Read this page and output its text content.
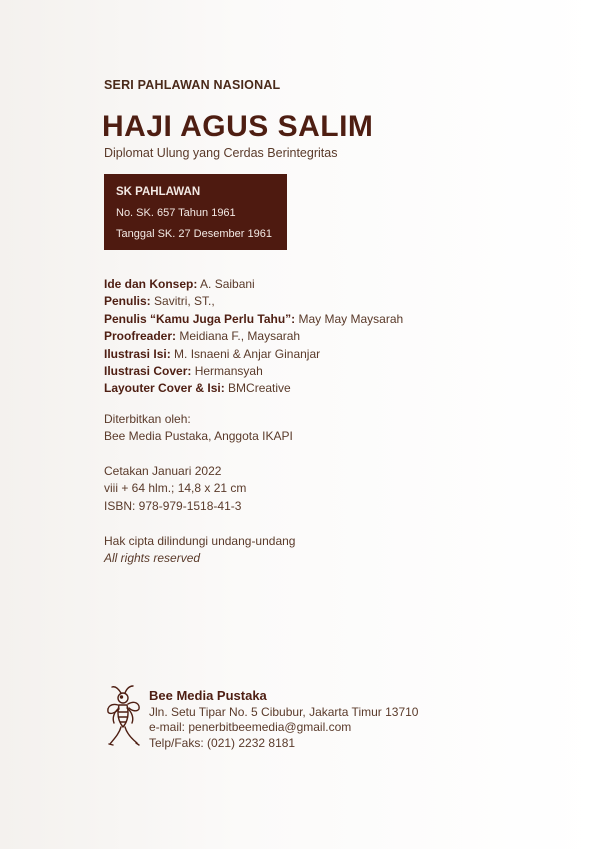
SERI PAHLAWAN NASIONAL
HAJI AGUS SALIM
Diplomat Ulung yang Cerdas Berintegritas
SK PAHLAWAN
No. SK. 657 Tahun 1961
Tanggal SK. 27 Desember 1961
Ide dan Konsep: A. Saibani
Penulis: Savitri, ST.,
Penulis “Kamu Juga Perlu Tahu”: May May Maysarah
Proofreader: Meidiana F., Maysarah
Ilustrasi Isi: M. Isnaeni & Anjar Ginanjar
Ilustrasi Cover: Hermansyah
Layouter Cover & Isi: BMCreative
Diterbitkan oleh:
Bee Media Pustaka, Anggota IKAPI
Cetakan Januari 2022
viii + 64 hlm.; 14,8 x 21 cm
ISBN: 978-979-1518-41-3
Hak cipta dilindungi undang-undang
All rights reserved
Bee Media Pustaka
Jln. Setu Tipar No. 5 Cibubur, Jakarta Timur 13710
e-mail: penerbitbeemedia@gmail.com
Telp/Faks: (021) 2232 8181
